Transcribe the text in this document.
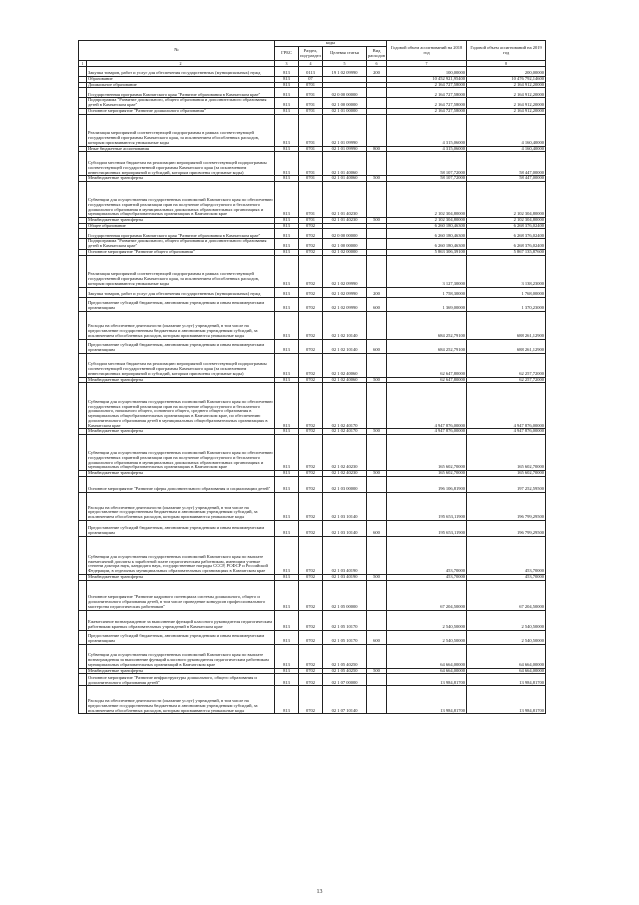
№		коды				Годовой объем ассигнований на 2018 год	Годовой объем ассигнований на 2019 год
		ГРБС	Раздел, под-раздел	Целевая статья	Вид расходов		
1	2	3	4	5	6	7	8
	Закупка товаров, работ и услуг для обеспечения государственных (муниципальных) нужд	813	0113	19 1 02 09990	200	100,00000	200,00000
	Образование	813	07			10 452 921,95400	10 476 792,14600
	Дошкольное образование	813	0701			2 164 727,58000	2 164 912,20000
	Государственная программа Камчатского края "Развитие образования в Камчатском крае"	813	0701	02 0 00 00000		2 164 727,58000	2 164 912,20000
	Подпрограмма "Развитие дошкольного, общего образования и дополнительного образования детей в Камчатском крае"	813	0701	02 1 00 00000		2 164 727,58000	2 164 912,20000
	Основное мероприятие "Развитие дошкольного образования"	813	0701	02 1 01 00000		2 164 727,58000	2 164 912,20000
	Реализация мероприятий соответствующей подпрограммы в рамках соответствующей государственной программы Камчатского края, за исключением обособленных расходов, которым присваиваются уникальные коды	813	0701	02 1 01 09990		4 315,06000	4 160,40000
	Иные бюджетные ассигнования	813	0701	02 1 01 09990	800	4 315,06000	4 160,40000
	Субсидии местным бюджетам на реализацию мероприятий соответствующей подпрограммы соответствующей государственной программы Камчатского края (за исключением инвестиционных мероприятий и субсидий, которым присвоены отдельные коды)	813	0701	02 1 01 40060		58 107,72000	58 447,00000
	Межбюджетные трансферты	813	0701	02 1 01 40060	500	58 107,72000	58 447,00000
	Субвенции для осуществления государственных полномочий Камчатского края по обеспечению государственных гарантий реализации прав на получение общедоступного и бесплатного дошкольного образования в муниципальных дошкольных образовательных организациях и муниципальных общеобразовательных организациях в Камчатском крае	813	0701	02 1 01 40230		2 102 304,80000	2 102 304,80000
	Межбюджетные трансферты	813	0701	02 1 01 40230	500	2 102 304,80000	2 102 304,80000
	Общее образование	813	0702			6 260 180,46300	6 268 376,02400
	Государственная программа Камчатского края "Развитие образования в Камчатском крае"	813	0702	02 0 00 00000		6 260 180,46300	6 268 376,02400
	Подпрограмма "Развитие дошкольного, общего образования и дополнительного образования детей в Камчатском крае"	813	0702	02 1 00 00000		6 260 180,46300	6 268 376,02400
	Основное мероприятие "Развитие общего образования"	813	0702	02 1 02 00000		5 863 306,39100	5 867 135,87600
	Реализация мероприятий соответствующей подпрограммы в рамках соответствующей государственной программы Камчатского края, за исключением обособленных расходов, которым присваиваются уникальные коды	813	0702	02 1 02 09990		3 127,30000	3 138,23000
	Закупка товаров, работ и услуг для обеспечения государственных (муниципальных) нужд	813	0702	02 1 02 09990	200	1 758,30000	1 768,00000
	Предоставление субсидий бюджетным, автономным учреждениям и иным некоммерческим организациям	813	0702	02 1 02 09990	600	1 369,00000	1 370,23000
	Расходы на обеспечение деятельности (оказание услуг) учреждений, в том числе на предоставление государственным бюджетным и автономным учреждениям субсидий, за исключением обособленных расходов, которым присваиваются уникальные коды	813	0702	02 1 02 10140		684 252,79100	688 261,12900
	Предоставление субсидий бюджетным, автономным учреждениям и иным некоммерческим организациям	813	0702	02 1 02 10140	600	684 252,79100	688 261,12900
	Субсидии местным бюджетам на реализацию мероприятий соответствующей подпрограммы соответствующей государственной программы Камчатского края (за исключением инвестиционных мероприятий и субсидий, которым присвоены отдельные коды)	813	0702	02 1 02 40060		62 647,80000	62 257,72000
	Межбюджетные трансферты	813	0702	02 1 02 40060	500	62 647,80000	62 257,72000
	Субвенции для осуществления государственных полномочий Камчатского края по обеспечению государственных гарантий реализации прав на получение общедоступного и бесплатного дошкольного, начального общего, основного общего, среднего общего образования в муниципальных общеобразовательных организациях в Камчатском крае, по обеспечению дополнительного образования детей в муниципальных общеобразовательных организациях в Камчатском крае	813	0702	02 1 02 40170		4 947 876,00000	4 947 876,00000
	Межбюджетные трансферты	813	0702	02 1 02 40170	500	4 947 876,00000	4 947 876,00000
	Субвенции для осуществления государственных полномочий Камчатского края по обеспечению государственных гарантий реализации прав на получение общедоступного и бесплатного дошкольного образования в муниципальных дошкольных образовательных организациях и муниципальных общеобразовательных организациях в Камчатском крае	813	0702	02 1 02 40230		165 602,70000	165 602,70000
	Межбюджетные трансферты	813	0702	02 1 02 40230	500	165 602,70000	165 602,70000
	Основное мероприятие "Развитие сферы дополнительного образования и социализации детей"	813	0702	02 1 03 00000		196 106,81900	197 252,59500
	Расходы на обеспечение деятельности (оказание услуг) учреждений, в том числе на предоставление государственным бюджетным и автономным учреждениям субсидий, за исключением обособленных расходов, которым присваиваются уникальные коды	813	0702	02 1 03 10140		195 653,11900	196 799,29500
	Предоставление субсидий бюджетным, автономным учреждениям и иным некоммерческим организациям	813	0702	02 1 03 10140	600	195 653,11900	196 799,29500
	Субвенции для осуществления государственных полномочий Камчатского края по выплате ежемесячной доплаты к заработной плате педагогическим работникам, имеющим ученые степени доктора наук, кандидата наук, государственные награды СССР, РСФСР и Российской Федерации, в отдельных муниципальных образовательных организациях в Камчатском крае	813	0702	02 1 03 40190		453,70000	453,70000
	Межбюджетные трансферты	813	0702	02 1 03 40190	500	453,70000	453,70000
	Основное мероприятие "Развитие кадрового потенциала системы дошкольного, общего и дополнительного образования детей, в том числе проведение конкурсов профессионального мастерства педагогических работников"	813	0702	02 1 05 00000		67 204,50000	67 204,50000
	Ежемесячное вознаграждение за выполнение функций классного руководителя педагогическим работникам краевых образовательных учреждений в Камчатском крае	813	0702	02 1 05 10170		2 540,50000	2 540,50000
	Предоставление субсидий бюджетным, автономным учреждениям и иным некоммерческим организациям	813	0702	02 1 05 10170	600	2 540,50000	2 540,50000
	Субвенции для осуществления государственных полномочий Камчатского края по выплате вознаграждения за выполнение функций классного руководителя педагогическим работникам муниципальных образовательных организаций в Камчатском крае	813	0702	02 1 05 40250		64 664,00000	64 664,00000
	Межбюджетные трансферты	813	0702	02 1 05 40250	500	64 664,00000	64 664,00000
	Основное мероприятие "Развитие инфраструктуры дошкольного, общего образования и дополнительного образования детей"	813	0702	02 1 07 00000		13 984,81700	13 984,81700
	Расходы на обеспечение деятельности (оказание услуг) учреждений, в том числе на предоставление государственным бюджетным и автономным учреждениям субсидий, за исключением обособленных расходов, которым присваиваются уникальные коды	813	0702	02 1 07 10140		13 984,81700	13 984,81700
13
